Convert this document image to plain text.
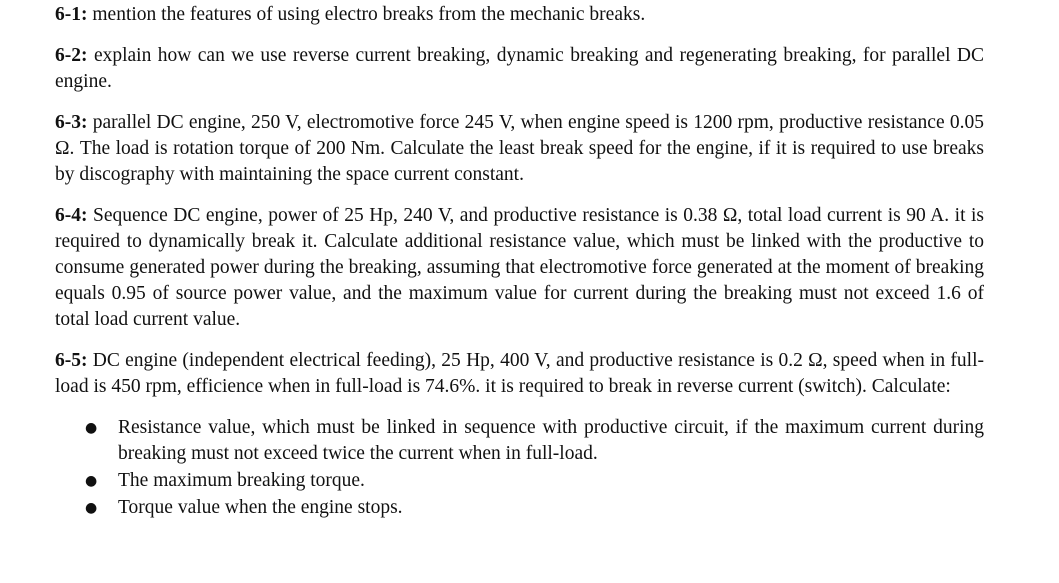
6-1 : mention the features of using electro breaks from the mechanic breaks.

6-2 : explain how can we use reverse current breaking, dynamic breaking and regenerating breaking, for parallel DC engine.

6-3 : parallel DC engine, 250 V, electromotive force 245 V, when engine speed is 1200 rpm, productive resistance 0.05 Ω. The load is rotation torque of 200 Nm. Calculate the least break speed for the engine, if it is required to use breaks by discography with maintaining the space current constant.

6-4 : Sequence DC engine, power of 25 Hp, 240 V, and productive resistance is 0.38 Ω, total load current is 90 A. it is required to dynamically break it. Calculate additional resistance value, which must be linked with the productive to consume generated power during the breaking, assuming that electromotive force generated at the moment of breaking equals 0.95 of source power value, and the maximum value for current during the breaking must not exceed 1.6 of total load current value.

6-5 : DC engine (independent electrical feeding), 25 Hp, 400 V, and productive resistance is 0.2 Ω, speed when in full-load is 450 rpm, efficience when in full-load is 74.6%. it is required to break in reverse current (switch). Calculate:

● Resistance value, which must be linked in sequence with productive circuit, if the maximum current during breaking must not exceed twice the current when in full-load.
● The maximum breaking torque.
● Torque value when the engine stops.
